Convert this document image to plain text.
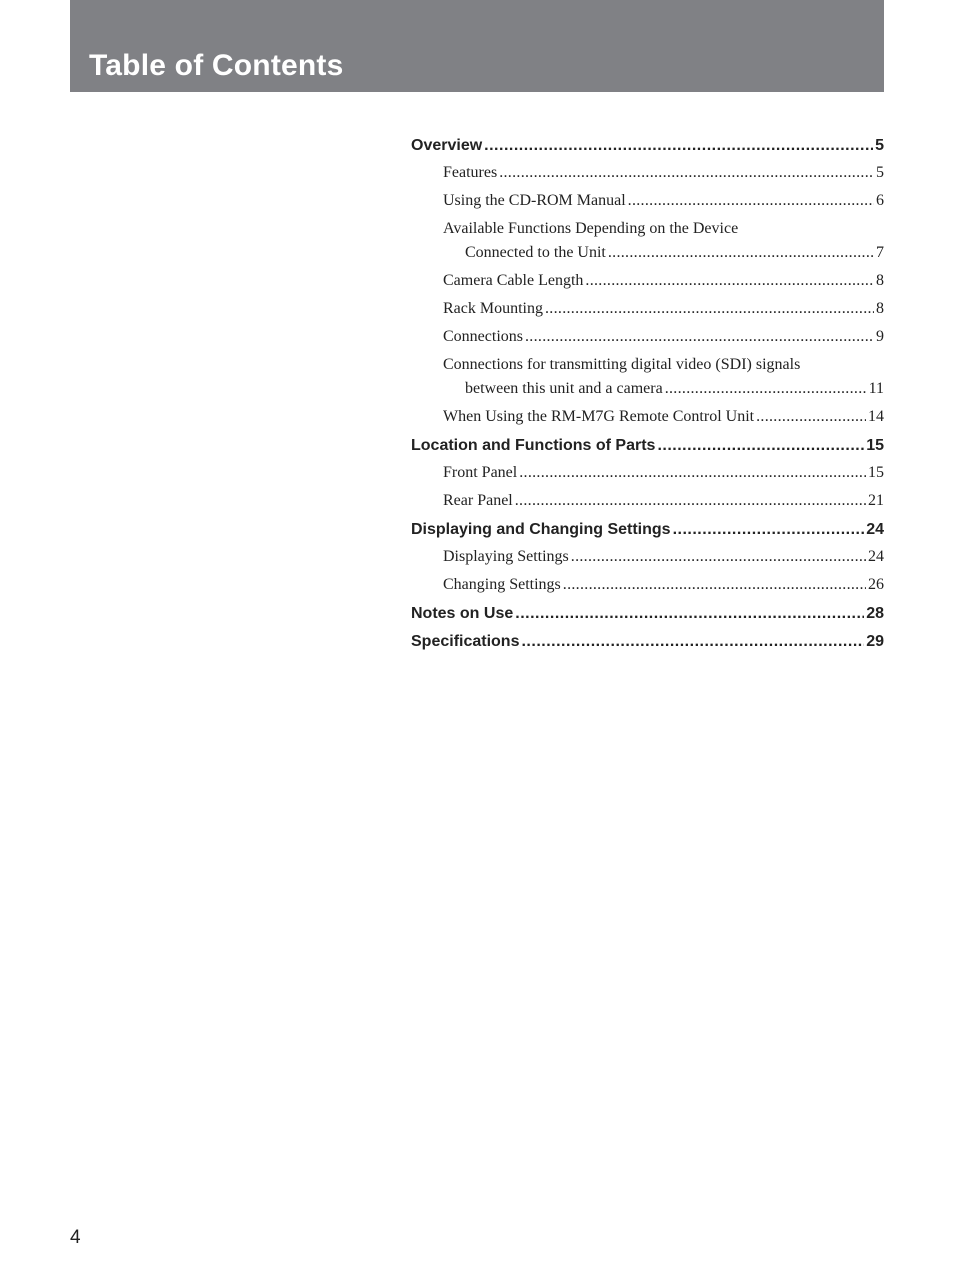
Table of Contents
Overview .....	5
Features .....	5
Using the CD-ROM Manual .....	6
Available Functions Depending on the Device
Connected to the Unit .....	7
Camera Cable Length .....	8
Rack Mounting .....	8
Connections .....	9
Connections for transmitting digital video (SDI) signals
between this unit and a camera .....	11
When Using the RM-M7G Remote Control Unit .....	14
Location and Functions of Parts .....	15
Front Panel .....	15
Rear Panel .....	21
Displaying and Changing Settings .....	24
Displaying Settings .....	24
Changing Settings .....	26
Notes on Use .....	28
Specifications .....	29
4
